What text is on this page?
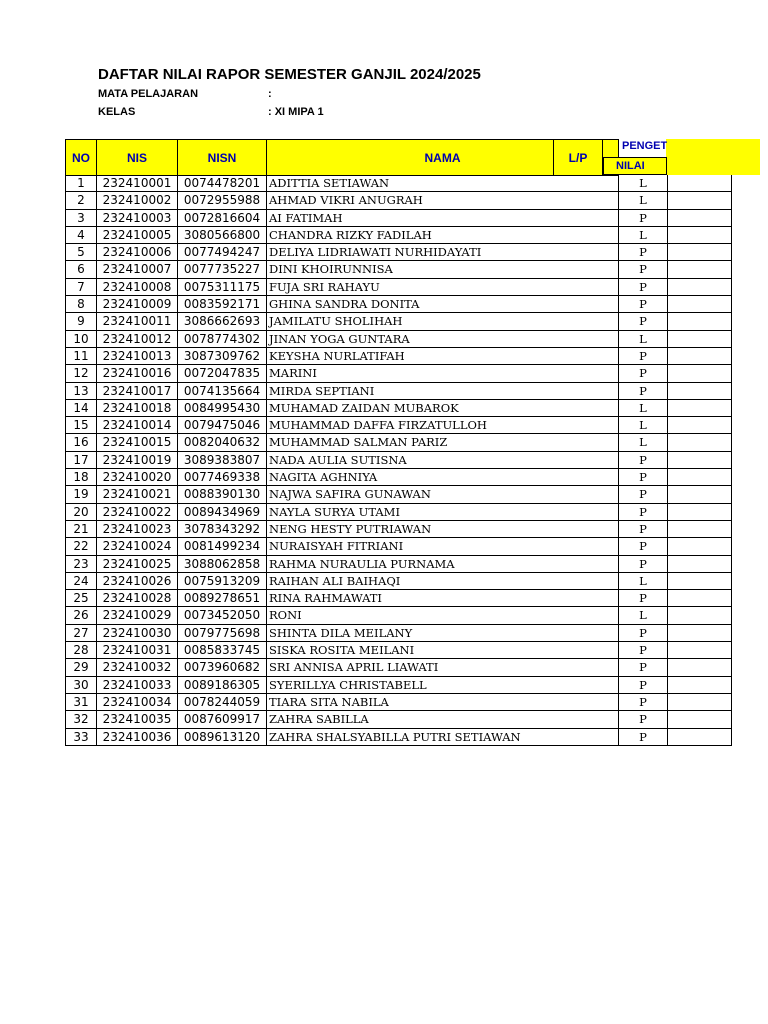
DAFTAR NILAI RAPOR SEMESTER GANJIL 2024/2025
MATA PELAJARAN	:
KELAS	: XI MIPA 1
NO	NIS	NISN	NAMA	L/P
PENGET
NILAI
1	232410001	0074478201 ADITTIA SETIAWAN	L
2	232410002	0072955988 AHMAD VIKRI ANUGRAH	L
3	232410003	0072816604 AI FATIMAH	P
4	232410005	3080566800 CHANDRA RIZKY FADILAH	L
5	232410006	0077494247 DELIYA LIDRIAWATI NURHIDAYATI	P
6	232410007	0077735227 DINI KHOIRUNNISA	P
7	232410008	0075311175 FUJA SRI RAHAYU	P
8	232410009	0083592171 GHINA SANDRA DONITA	P
9	232410011	3086662693 JAMILATU SHOLIHAH	P
10	232410012	0078774302 JINAN YOGA GUNTARA	L
11	232410013	3087309762 KEYSHA NURLATIFAH	P
12	232410016	0072047835 MARINI	P
13	232410017	0074135664 MIRDA SEPTIANI	P
14	232410018	0084995430 MUHAMAD ZAIDAN MUBAROK	L
15	232410014	0079475046 MUHAMMAD DAFFA FIRZATULLOH	L
16	232410015	0082040632 MUHAMMAD SALMAN PARIZ	L
17	232410019	3089383807 NADA AULIA SUTISNA	P
18	232410020	0077469338 NAGITA AGHNIYA	P
19	232410021	0088390130 NAJWA SAFIRA GUNAWAN	P
20	232410022	0089434969 NAYLA SURYA UTAMI	P
21	232410023	3078343292 NENG HESTY PUTRIAWAN	P
22	232410024	0081499234 NURAISYAH FITRIANI	P
23	232410025	3088062858 RAHMA NURAULIA PURNAMA	P
24	232410026	0075913209 RAIHAN ALI BAIHAQI	L
25	232410028	0089278651 RINA RAHMAWATI	P
26	232410029	0073452050 RONI	L
27	232410030	0079775698 SHINTA DILA MEILANY	P
28	232410031	0085833745 SISKA ROSITA MEILANI	P
29	232410032	0073960682 SRI ANNISA APRIL LIAWATI	P
30	232410033	0089186305 SYERILLYA CHRISTABELL	P
31	232410034	0078244059 TIARA SITA NABILA	P
32	232410035	0087609917 ZAHRA SABILLA	P
33	232410036	0089613120 ZAHRA SHALSYABILLA PUTRI SETIAWAN	P
